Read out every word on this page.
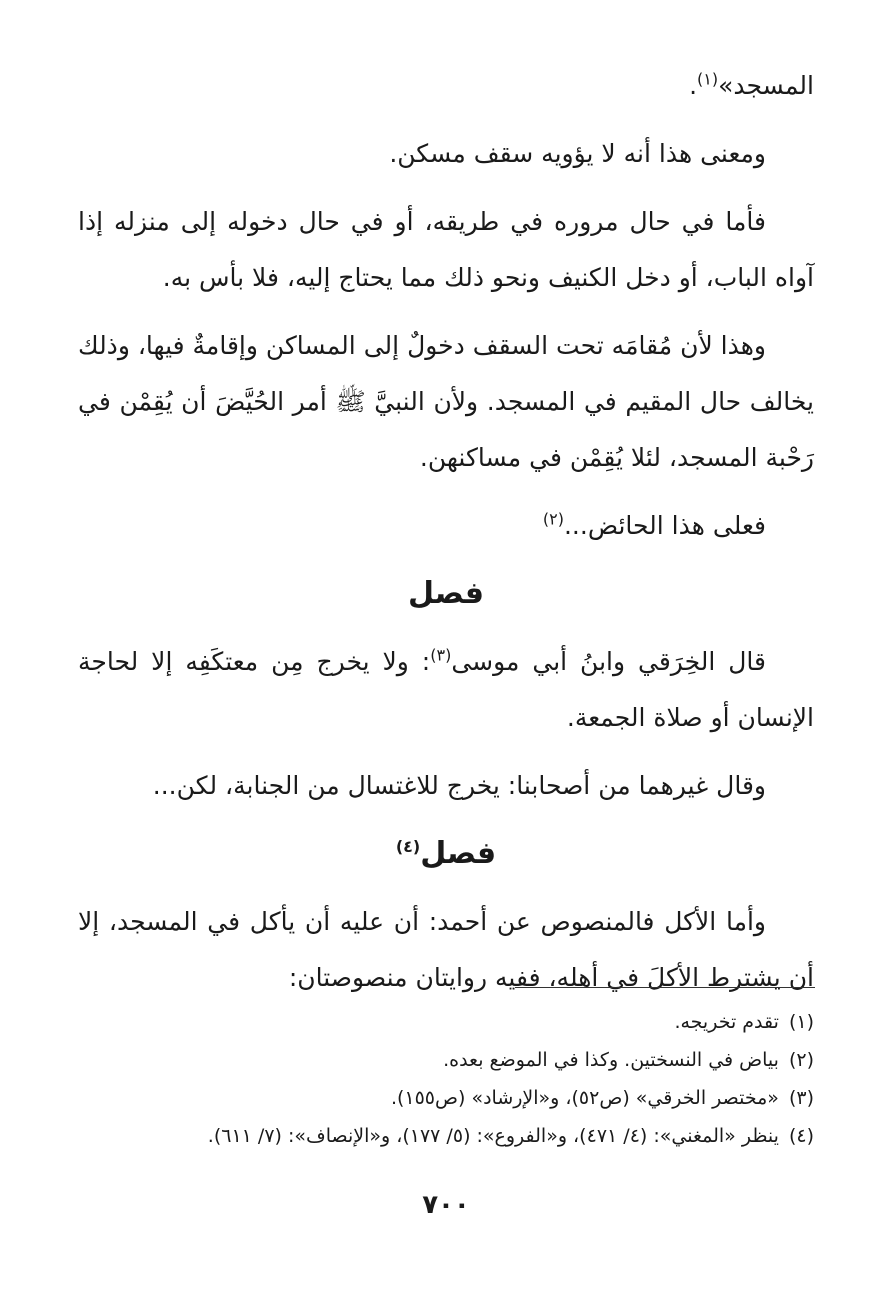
المسجد»$^{(١)}$.

ومعنى هذا أنه لا يؤويه سقف مسكن.

فأما في حال مروره في طريقه، أو في حال دخوله إلى منزله إذا آواه الباب، أو دخل الكنيف ونحو ذلك مما يحتاج إليه، فلا بأس به.

وهذا لأن مُقامَه تحت السقف دخولٌ إلى المساكن وإقامةٌ فيها، وذلك يخالف حال المقيم في المسجد. ولأن النبيَّ ﷺ أمر الحُيَّضَ أن يُقِمْن في رَحْبة المسجد، لئلا يُقِمْن في مساكنهن.

فعلى هذا الحائض...$^{(٢)}$

فصل

قال الخِرَقي وابنُ أبي موسى$^{(٣)}$: ولا يخرج مِن معتكَفِه إلا لحاجة الإنسان أو صلاة الجمعة.

وقال غيرهما من أصحابنا: يخرج للاغتسال من الجنابة، لكن...

فصل$^{(٤)}$

وأما الأكل فالمنصوص عن أحمد: أن عليه أن يأكل في المسجد، إلا أن يشترط الأكلَ في أهله، ففيه روايتان منصوصتان:

(١)تقدم تخريجه.
(٢)بياض في النسختين. وكذا في الموضع بعده.
(٣)«مختصر الخرقي» (ص٥٢)، و«الإرشاد» (ص١٥٥).
(٤)ينظر «المغني»: (٤/ ٤٧١)، و«الفروع»: (٥/ ١٧٧)، و«الإنصاف»: (٧/ ٦١١).
٧٠٠
